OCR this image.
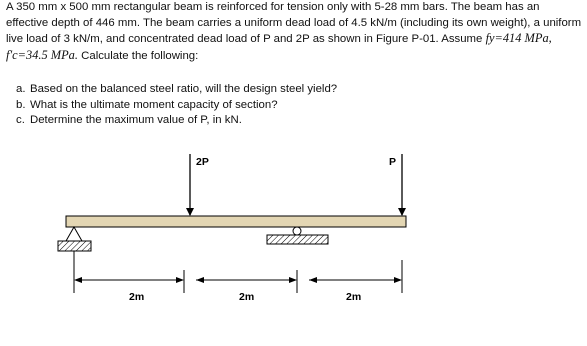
A 350 mm x 500 mm rectangular beam is reinforced for tension only with 5-28 mm bars. The beam has an effective depth of 446 mm. The beam carries a uniform dead load of 4.5 kN/m (including its own weight), a uniform live load of 3 kN/m, and concentrated dead load of P and 2P as shown in Figure P-01. Assume fy=414 MPa, f′c=34.5 MPa. Calculate the following:

a. Based on the balanced steel ratio, will the design steel yield?
b. What is the ultimate moment capacity of section?
c. Determine the maximum value of P, in kN.
2P	P
2m	2m	2m
